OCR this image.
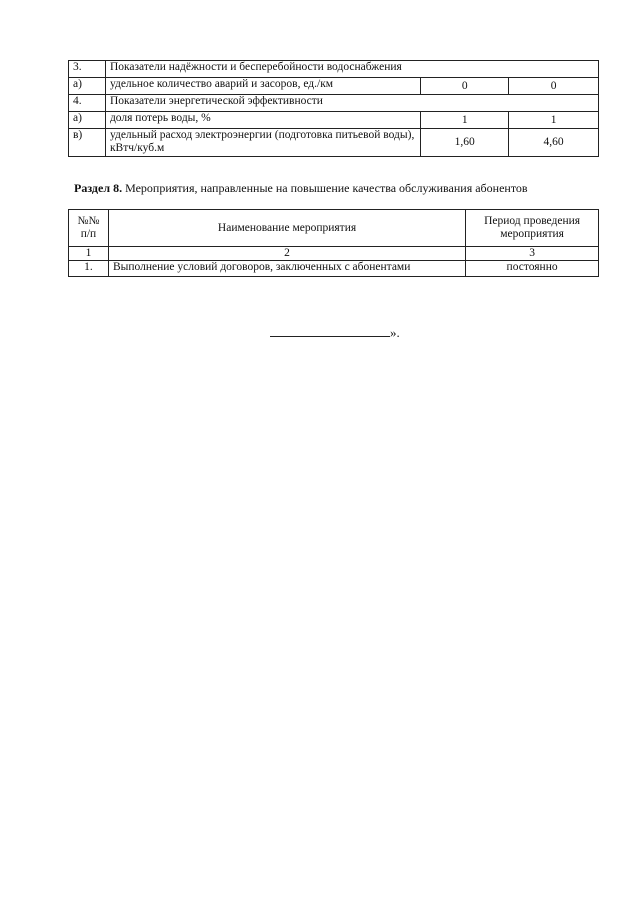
3.	Показатели надёжности и бесперебойности водоснабжения		
а)	удельное количество аварий и засоров, ед./км	0	0
4.	Показатели энергетической эффективности		
а)	доля потерь воды, %	1	1
в)	удельный расход электроэнергии (подготовка питьевой воды), кВтч/куб.м	1,60	4,60
Раздел 8. Мероприятия, направленные на повышение качества обслуживания абонентов
№№ п/п	Наименование мероприятия	Период проведения мероприятия
1	2	3
1.	Выполнение условий договоров, заключенных с абонентами	постоянно
».
